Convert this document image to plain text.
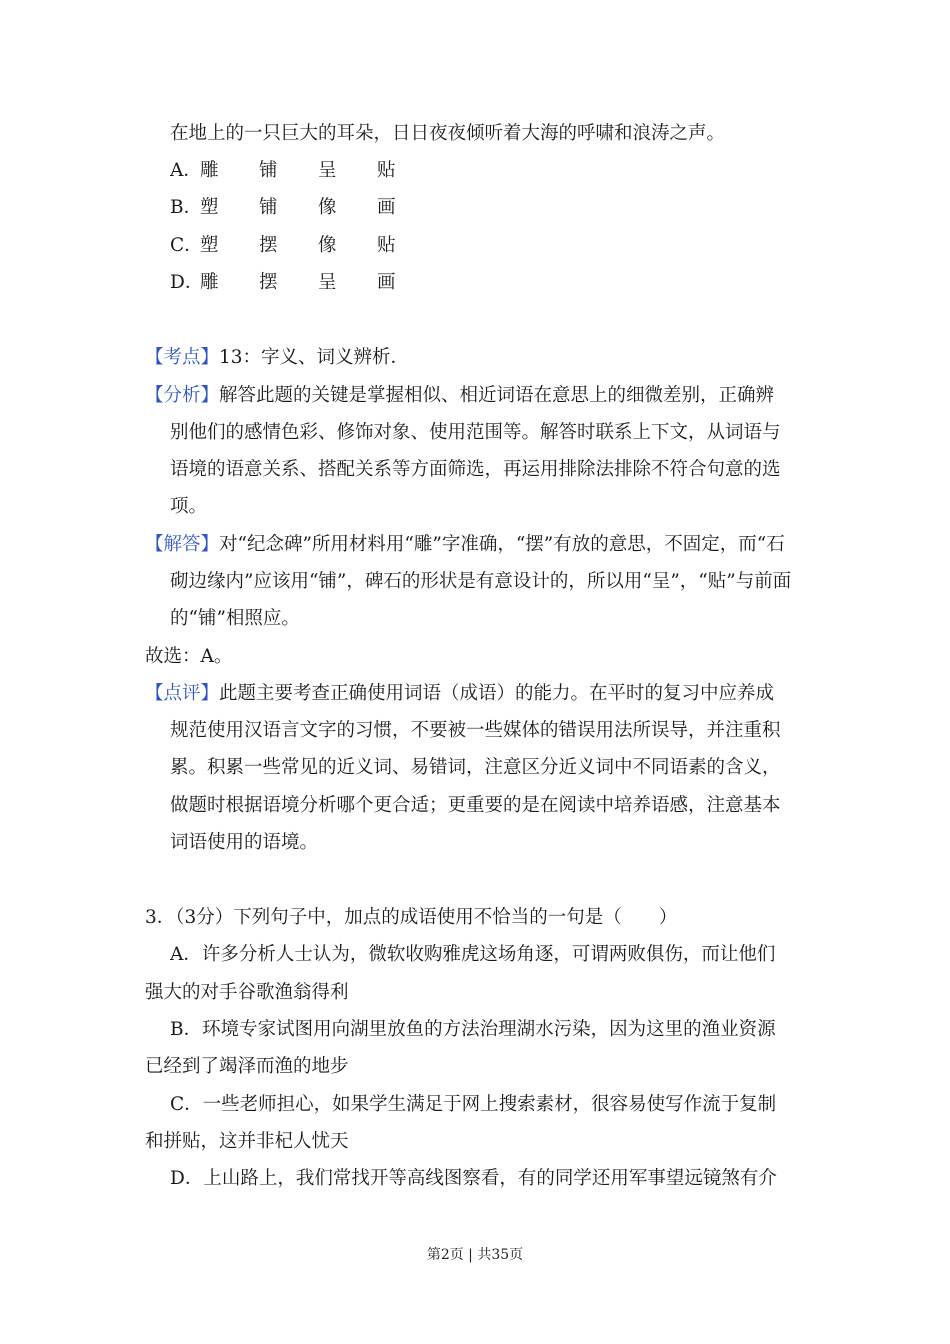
在地上的一只巨大的耳朵，日日夜夜倾听着大海的呼啸和浪涛之声。
A．雕 铺 呈 贴
B．塑 铺 像 画
C．塑 摆 像 贴
D．雕 摆 呈 画
【考点】13：字义、词义辨析．
【分析】解答此题的关键是掌握相似、相近词语在意思上的细微差别，正确辨
别他们的感情色彩、修饰对象、使用范围等。解答时联系上下文，从词语与
语境的语意关系、搭配关系等方面筛选，再运用排除法排除不符合句意的选
项。
【解答】对“纪念碑”所用材料用“雕”字准确，“摆”有放的意思，不固定，而“石
砌边缘内”应该用“铺”，碑石的形状是有意设计的，所以用“呈”，“贴”与前面
的“铺”相照应。
故选：A。
【点评】此题主要考查正确使用词语（成语）的能力。在平时的复习中应养成
规范使用汉语言文字的习惯，不要被一些媒体的错误用法所误导，并注重积
累。积累一些常见的近义词、易错词，注意区分近义词中不同语素的含义，
做题时根据语境分析哪个更合适；更重要的是在阅读中培养语感，注意基本
词语使用的语境。
3．（3分）下列句子中，加点的成语使用不恰当的一句是（　　）
A．许多分析人士认为，微软收购雅虎这场角逐，可谓两败俱伤，而让他们
强大的对手谷歌渔翁得利
B．环境专家试图用向湖里放鱼的方法治理湖水污染，因为这里的渔业资源
已经到了竭泽而渔的地步
C．一些老师担心，如果学生满足于网上搜索素材，很容易使写作流于复制
和拼贴，这并非杞人忧天
D．上山路上，我们常找开等高线图察看，有的同学还用军事望远镜煞有介
第2页 | 共35页
